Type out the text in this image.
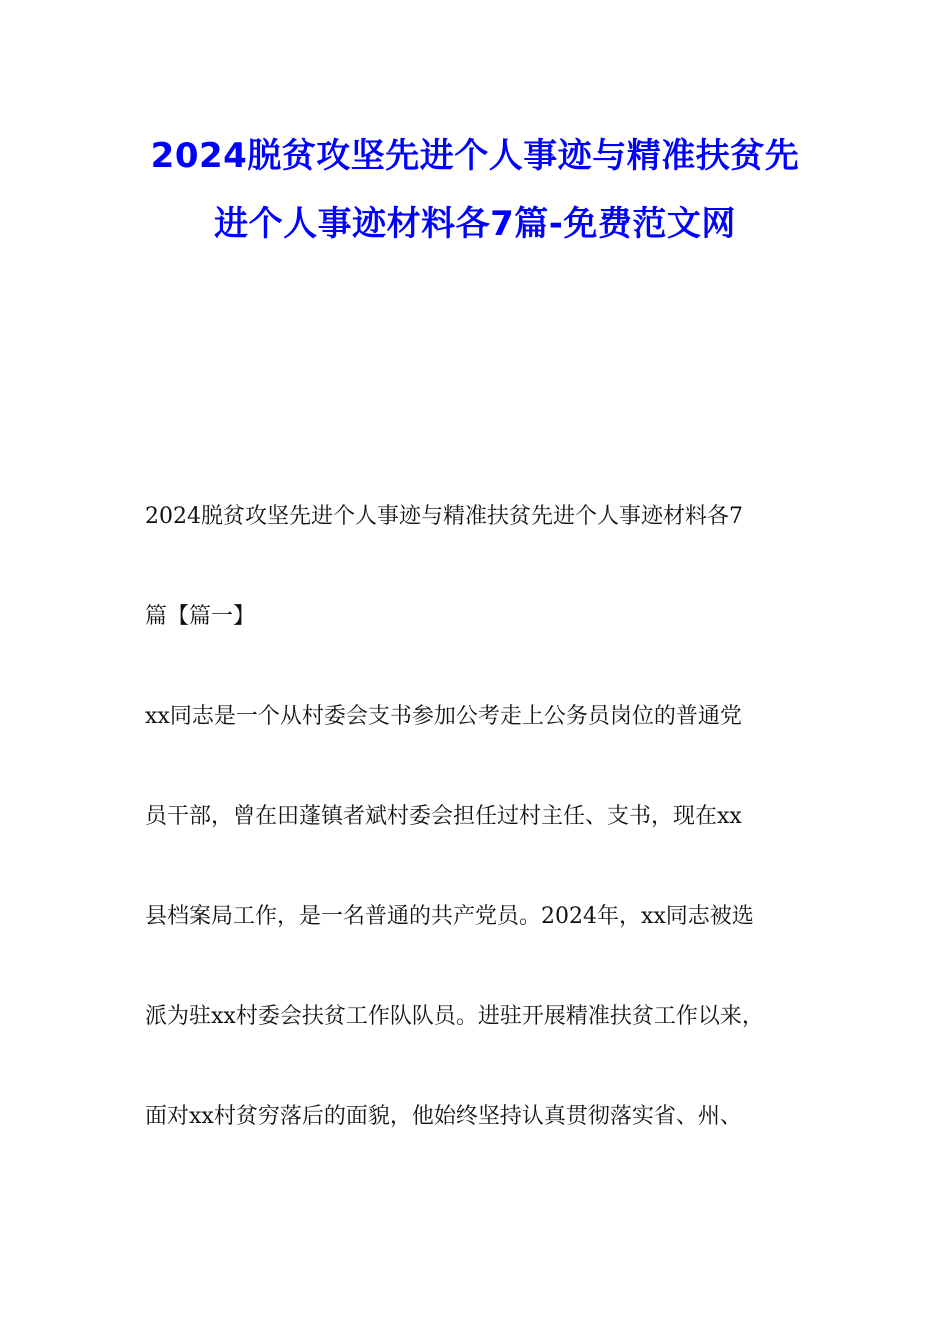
2024脱贫攻坚先进个人事迹与精准扶贫先
进个人事迹材料各7篇-免费范文网
2024脱贫攻坚先进个人事迹与精准扶贫先进个人事迹材料各7
篇【篇一】
xx同志是一个从村委会支书参加公考走上公务员岗位的普通党
员干部，曾在田蓬镇者斌村委会担任过村主任、支书，现在xx
县档案局工作，是一名普通的共产党员。2024年，xx同志被选
派为驻xx村委会扶贫工作队队员。进驻开展精准扶贫工作以来，
面对xx村贫穷落后的面貌，他始终坚持认真贯彻落实省、州、
